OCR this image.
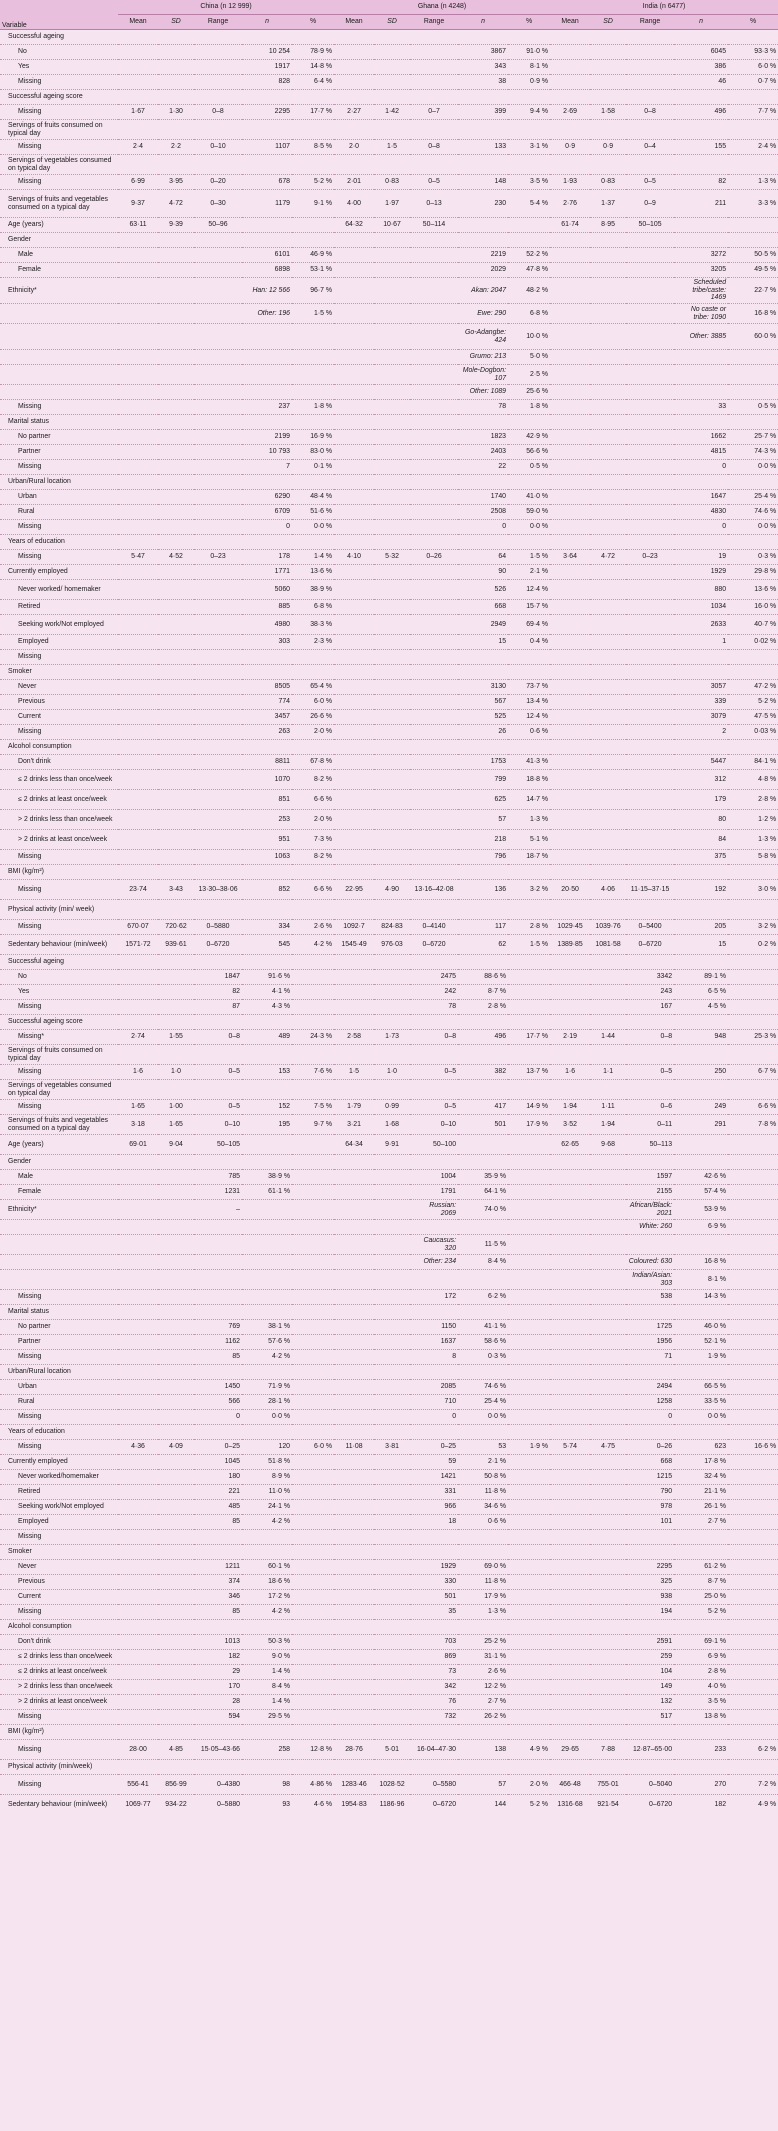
Variable	China (n 12 999)					Ghana (n 4248)					India (n 6477)				
	Mean	SD	Range	n	%	Mean	SD	Range	n	%	Mean	SD	Range	n	%
Successful ageing															
No				10 254	78·9 %				3867	91·0 %				6045	93·3 %
Yes				1917	14·8 %				343	8·1 %				386	6·0 %
Missing				828	6·4 %				38	0·9 %				46	0·7 %
Successful ageing score															
Missing	1·67	1·30	0–8	2295	17·7 %	2·27	1·42	0–7	399	9·4 %	2·69	1·58	0–8	496	7·7 %
Servings of fruits consumed on typical day															
Missing	2·4	2·2	0–10	1107	8·5 %	2·0	1·5	0–8	133	3·1 %	0·9	0·9	0–4	155	2·4 %
Servings of vegetables consumed on typical day															
Missing	6·99	3·95	0–20	678	5·2 %	2·01	0·83	0–5	148	3·5 %	1·93	0·83	0–5	82	1·3 %
Servings of fruits and vegetables consumed on a typical day	9·37	4·72	0–30	1179	9·1 %	4·00	1·97	0–13	230	5·4 %	2·76	1·37	0–9	211	3·3 %
Age (years)	63·11	9·39	50–96			64·32	10·67	50–114			61·74	8·95	50–105		
Gender															
Male				6101	46·9 %				2219	52·2 %				3272	50·5 %
Female				6898	53·1 %				2029	47·8 %				3205	49·5 %
Ethnicity*				Han: 12 566	96·7 %				Akan: 2047	48·2 %				Scheduled tribe/caste: 1469	22·7 %
				Other: 196	1·5 %				Ewe: 290	6·8 %				No caste or tribe: 1090	16·8 %
									Go-Adangbe: 424	10·0 %				Other: 3885	60·0 %
									Grumo: 213	5·0 %					
									Mole-Dogbon: 107	2·5 %					
									Other: 1089	25·6 %					
Missing				237	1·8 %				78	1·8 %				33	0·5 %
Marital status															
No partner				2199	16·9 %				1823	42·9 %				1662	25·7 %
Partner				10 793	83·0 %				2403	56·6 %				4815	74·3 %
Missing				7	0·1 %				22	0·5 %				0	0·0 %
Urban/Rural location															
Urban				6290	48·4 %				1740	41·0 %				1647	25·4 %
Rural				6709	51·6 %				2508	59·0 %				4830	74·6 %
Missing				0	0·0 %				0	0·0 %				0	0·0 %
Years of education															
Missing	5·47	4·52	0–23	178	1·4 %	4·10	5·32	0–26	64	1·5 %	3·64	4·72	0–23	19	0·3 %
Currently employed				1771	13·6 %				90	2·1 %				1929	29·8 %
Never worked/ homemaker				5060	38·9 %				526	12·4 %				880	13·6 %
Retired				885	6·8 %				668	15·7 %				1034	16·0 %
Seeking work/Not employed				4980	38·3 %				2949	69·4 %				2633	40·7 %
Employed				303	2·3 %				15	0·4 %				1	0·02 %
Missing															
Smoker															
Never				8505	65·4 %				3130	73·7 %				3057	47·2 %
Previous				774	6·0 %				567	13·4 %				339	5·2 %
Current				3457	26·6 %				525	12·4 %				3079	47·5 %
Missing				263	2·0 %				26	0·6 %				2	0·03 %
Alcohol consumption															
Don't drink				8811	67·8 %				1753	41·3 %				5447	84·1 %
≤ 2 drinks less than once/week				1070	8·2 %				799	18·8 %				312	4·8 %
≤ 2 drinks at least once/week				851	6·6 %				625	14·7 %				179	2·8 %
> 2 drinks less than once/week				253	2·0 %				57	1·3 %				80	1·2 %
> 2 drinks at least once/week				951	7·3 %				218	5·1 %				84	1·3 %
Missing				1063	8·2 %				796	18·7 %				375	5·8 %
BMI (kg/m²)															
Missing	23·74	3·43	13·30–38·06	852	6·6 %	22·95	4·90	13·16–42·08	136	3·2 %	20·50	4·06	11·15–37·15	192	3·0 %
Physical activity (min/ week)															
Missing	670·07	720·62	0–5880	334	2·6 %	1092·7	824·83	0–4140	117	2·8 %	1029·45	1039·76	0–5400	205	3·2 %
Sedentary behaviour (min/week)	1571·72	939·61	0–6720	545	4·2 %	1545·49	976·03	0–6720	62	1·5 %	1389·85	1081·58	0–6720	15	0·2 %
Successful ageing															
No			1847	91·6 %				2475	88·6 %				3342	89·1 %	
Yes			82	4·1 %				242	8·7 %				243	6·5 %	
Missing			87	4·3 %				78	2·8 %				167	4·5 %	
Successful ageing score															
Missing*	2·74	1·55	0–8	489	24·3 %	2·58	1·73	0–8	496	17·7 %	2·19	1·44	0–8	948	25·3 %
Servings of fruits consumed on typical day															
Missing	1·6	1·0	0–5	153	7·6 %	1·5	1·0	0–5	382	13·7 %	1·6	1·1	0–5	250	6·7 %
Servings of vegetables consumed on typical day															
Missing	1·65	1·00	0–5	152	7·5 %	1·79	0·99	0–5	417	14·9 %	1·94	1·11	0–6	249	6·6 %
Servings of fruits and vegetables consumed on a typical day	3·18	1·65	0–10	195	9·7 %	3·21	1·68	0–10	501	17·9 %	3·52	1·94	0–11	291	7·8 %
Age (years)	69·01	9·04	50–105			64·34	9·91	50–100			62·65	9·68	50–113		
Gender															
Male			785	38·9 %				1004	35·9 %				1597	42·6 %	
Female			1231	61·1 %				1791	64·1 %				2155	57·4 %	
Ethnicity*			–					Russian: 2069	74·0 %				African/Black: 2021	53·9 %	
													White: 260	6·9 %	
								Caucasus: 320	11·5 %						
								Other: 234	8·4 %				Coloured: 630	16·8 %	
													Indian/Asian: 303	8·1 %	
Missing								172	6·2 %				538	14·3 %	
Marital status															
No partner			769	38·1 %				1150	41·1 %				1725	46·0 %	
Partner			1162	57·6 %				1637	58·6 %				1956	52·1 %	
Missing			85	4·2 %				8	0·3 %				71	1·9 %	
Urban/Rural location															
Urban			1450	71·9 %				2085	74·6 %				2494	66·5 %	
Rural			566	28·1 %				710	25·4 %				1258	33·5 %	
Missing			0	0·0 %				0	0·0 %				0	0·0 %	
Years of education															
Missing	4·36	4·09	0–25	120	6·0 %	11·08	3·81	0–25	53	1·9 %	5·74	4·75	0–26	623	16·6 %
Currently employed			1045	51·8 %				59	2·1 %				668	17·8 %	
Never worked/homemaker			180	8·9 %				1421	50·8 %				1215	32·4 %	
Retired			221	11·0 %				331	11·8 %				790	21·1 %	
Seeking work/Not employed			485	24·1 %				966	34·6 %				978	26·1 %	
Employed			85	4·2 %				18	0·6 %				101	2·7 %	
Missing															
Smoker															
Never			1211	60·1 %				1929	69·0 %				2295	61·2 %	
Previous			374	18·6 %				330	11·8 %				325	8·7 %	
Current			346	17·2 %				501	17·9 %				938	25·0 %	
Missing			85	4·2 %				35	1·3 %				194	5·2 %	
Alcohol consumption															
Don't drink			1013	50·3 %				703	25·2 %				2591	69·1 %	
≤ 2 drinks less than once/week			182	9·0 %				869	31·1 %				259	6·9 %	
≤ 2 drinks at least once/week			29	1·4 %				73	2·6 %				104	2·8 %	
> 2 drinks less than once/week			170	8·4 %				342	12·2 %				149	4·0 %	
> 2 drinks at least once/week			28	1·4 %				76	2·7 %				132	3·5 %	
Missing			594	29·5 %				732	26·2 %				517	13·8 %	
BMI (kg/m²)															
Missing	28·00	4·85	15·05–43·66	258	12·8 %	28·76	5·01	16·04–47·30	138	4·9 %	29·65	7·88	12·87–65·00	233	6·2 %
Physical activity (min/week)															
Missing	556·41	856·99	0–4380	98	4·86 %	1283·46	1028·52	0–5580	57	2·0 %	466·48	755·01	0–5040	270	7·2 %
Sedentary behaviour (min/week)	1069·77	934·22	0–5880	93	4·6 %	1954·83	1186·96	0–6720	144	5·2 %	1316·68	921·54	0–6720	182	4·9 %
